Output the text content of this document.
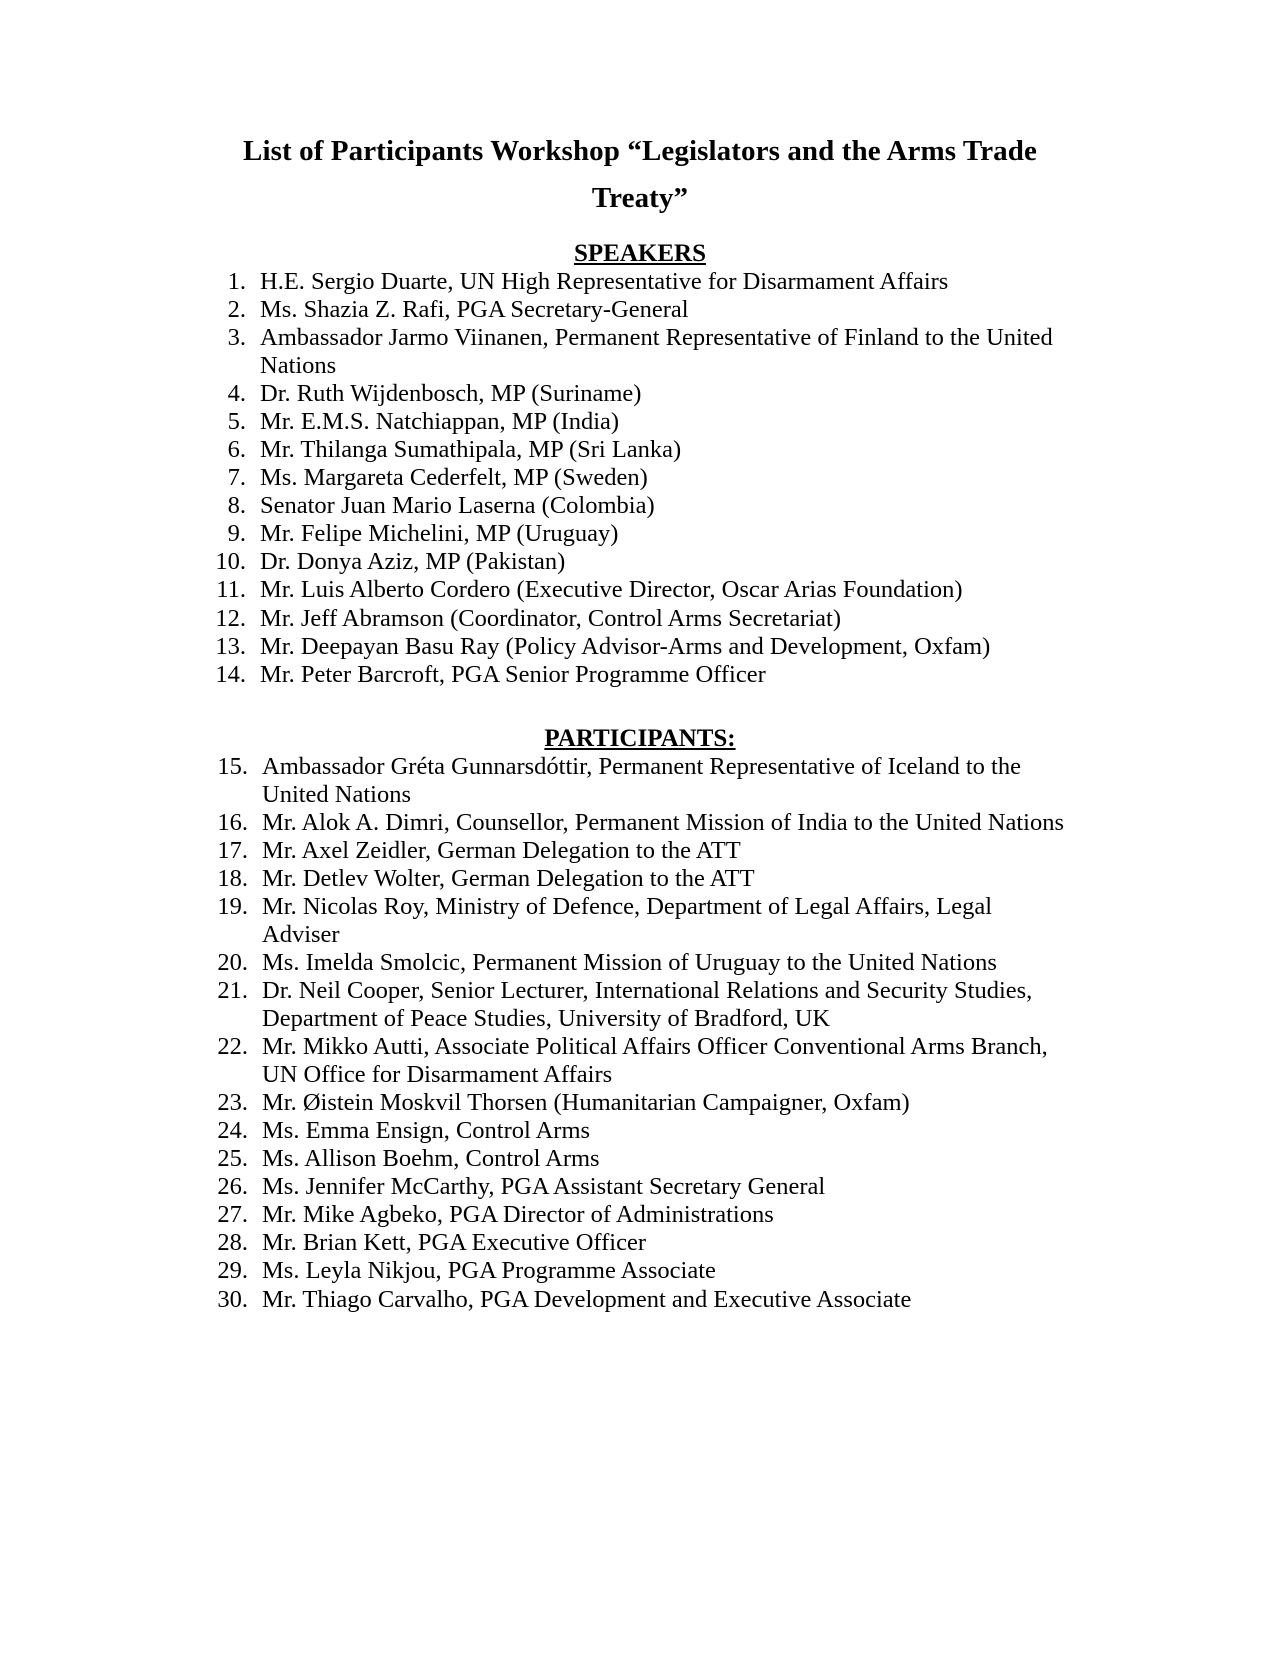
List of Participants Workshop “Legislators and the Arms Trade Treaty”
SPEAKERS
1. H.E. Sergio Duarte, UN High Representative for Disarmament Affairs
2. Ms. Shazia Z. Rafi, PGA Secretary-General
3. Ambassador Jarmo Viinanen, Permanent Representative of Finland to the United Nations
4. Dr. Ruth Wijdenbosch, MP (Suriname)
5. Mr. E.M.S. Natchiappan, MP (India)
6. Mr. Thilanga Sumathipala, MP (Sri Lanka)
7. Ms. Margareta Cederfelt, MP (Sweden)
8. Senator Juan Mario Laserna (Colombia)
9. Mr. Felipe Michelini, MP (Uruguay)
10. Dr. Donya Aziz, MP (Pakistan)
11. Mr. Luis Alberto Cordero (Executive Director, Oscar Arias Foundation)
12. Mr. Jeff Abramson (Coordinator, Control Arms Secretariat)
13. Mr. Deepayan Basu Ray (Policy Advisor-Arms and Development, Oxfam)
14. Mr. Peter Barcroft, PGA Senior Programme Officer
PARTICIPANTS:
15. Ambassador Gréta Gunnarsdóttir, Permanent Representative of Iceland to the United Nations
16. Mr. Alok A. Dimri, Counsellor, Permanent Mission of India to the United Nations
17. Mr. Axel Zeidler, German Delegation to the ATT
18. Mr. Detlev Wolter, German Delegation to the ATT
19. Mr. Nicolas Roy, Ministry of Defence, Department of Legal Affairs, Legal Adviser
20. Ms. Imelda Smolcic, Permanent Mission of Uruguay to the United Nations
21. Dr. Neil Cooper, Senior Lecturer, International Relations and Security Studies, Department of Peace Studies, University of Bradford, UK
22. Mr. Mikko Autti, Associate Political Affairs Officer Conventional Arms Branch, UN Office for Disarmament Affairs
23. Mr. Øistein Moskvil Thorsen (Humanitarian Campaigner, Oxfam)
24. Ms. Emma Ensign, Control Arms
25. Ms. Allison Boehm, Control Arms
26. Ms. Jennifer McCarthy, PGA Assistant Secretary General
27. Mr. Mike Agbeko, PGA Director of Administrations
28. Mr. Brian Kett, PGA Executive Officer
29. Ms. Leyla Nikjou, PGA Programme Associate
30. Mr. Thiago Carvalho, PGA Development and Executive Associate
